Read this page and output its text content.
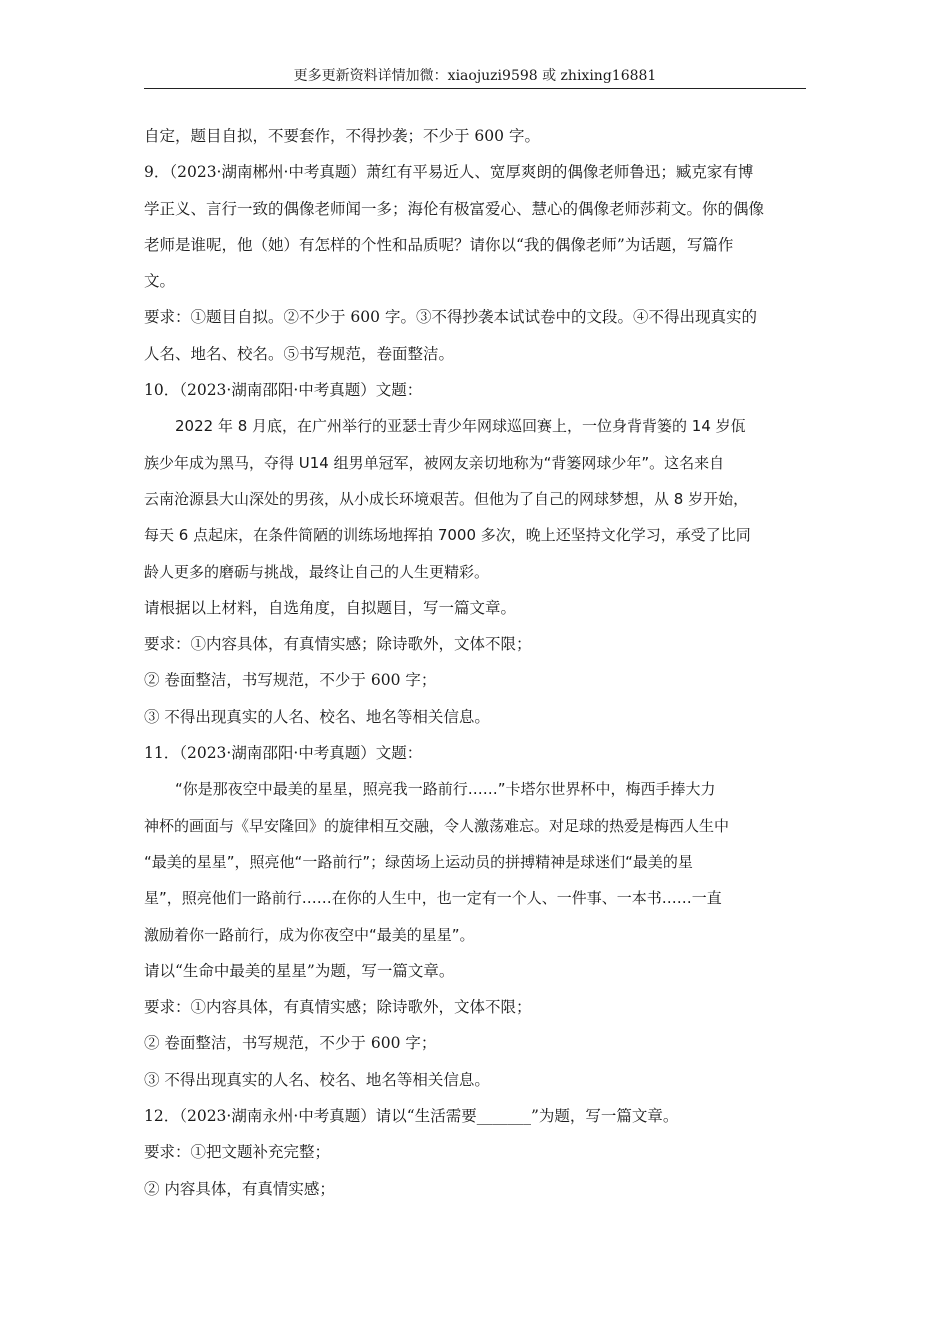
更多更新资料详情加微：xiaojuzi9598 或 zhixing16881
自定，题目自拟，不要套作，不得抄袭；不少于 600 字。
9．（2023·湖南郴州·中考真题）萧红有平易近人、宽厚爽朗的偶像老师鲁迅；臧克家有博
学正义、言行一致的偶像老师闻一多；海伦有极富爱心、慧心的偶像老师莎莉文。你的偶像
老师是谁呢，他（她）有怎样的个性和品质呢？请你以“我的偶像老师”为话题，写篇作
文。
要求：①题目自拟。②不少于 600 字。③不得抄袭本试试卷中的文段。④不得出现真实的
人名、地名、校名。⑤书写规范，卷面整洁。
10．（2023·湖南邵阳·中考真题）文题：
2022 年 8 月底，在广州举行的亚瑟士青少年网球巡回赛上，一位身背背篓的 14 岁佤
族少年成为黑马，夺得 U14 组男单冠军，被网友亲切地称为“背篓网球少年”。这名来自
云南沧源县大山深处的男孩，从小成长环境艰苦。但他为了自己的网球梦想，从 8 岁开始，
每天 6 点起床，在条件简陋的训练场地挥拍 7000 多次，晚上还坚持文化学习，承受了比同
龄人更多的磨砺与挑战，最终让自己的人生更精彩。
请根据以上材料，自选角度，自拟题目，写一篇文章。
要求：①内容具体，有真情实感；除诗歌外，文体不限；
② 卷面整洁，书写规范，不少于 600 字；
③ 不得出现真实的人名、校名、地名等相关信息。
11．（2023·湖南邵阳·中考真题）文题：
“你是那夜空中最美的星星，照亮我一路前行……”卡塔尔世界杯中，梅西手捧大力
神杯的画面与《早安隆回》的旋律相互交融，令人激荡难忘。对足球的热爱是梅西人生中
“最美的星星”，照亮他“一路前行”；绿茵场上运动员的拼搏精神是球迷们“最美的星
星”，照亮他们一路前行……在你的人生中，也一定有一个人、一件事、一本书……一直
激励着你一路前行，成为你夜空中“最美的星星”。
请以“生命中最美的星星”为题，写一篇文章。
要求：①内容具体，有真情实感；除诗歌外，文体不限；
② 卷面整洁，书写规范，不少于 600 字；
③ 不得出现真实的人名、校名、地名等相关信息。
12．（2023·湖南永州·中考真题）请以“生活需要_______”为题，写一篇文章。
要求：①把文题补充完整；
② 内容具体，有真情实感；
